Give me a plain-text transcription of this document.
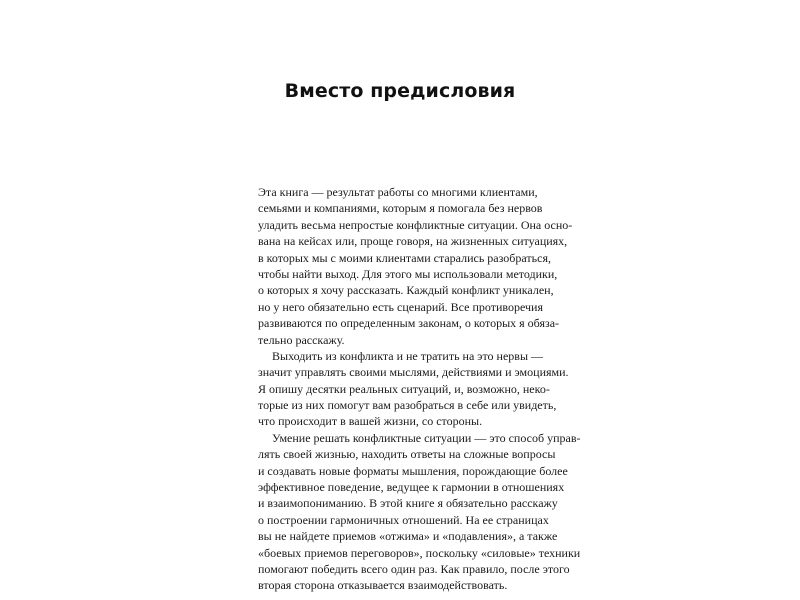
Вместо предисловия
Эта книга — результат работы со многими клиентами,
семьями и компаниями, которым я помогала без нервов
уладить весьма непростые конфликтные ситуации. Она осно-
вана на кейсах или, проще говоря, на жизненных ситуациях,
в которых мы с моими клиентами старались разобраться,
чтобы найти выход. Для этого мы использовали методики,
о которых я хочу рассказать. Каждый конфликт уникален,
но у него обязательно есть сценарий. Все противоречия
развиваются по определенным законам, о которых я обяза-
тельно расскажу.
Выходить из конфликта и не тратить на это нервы —
значит управлять своими мыслями, действиями и эмоциями.
Я опишу десятки реальных ситуаций, и, возможно, неко-
торые из них помогут вам разобраться в себе или увидеть,
что происходит в вашей жизни, со стороны.
Умение решать конфликтные ситуации — это способ управ-
лять своей жизнью, находить ответы на сложные вопросы
и создавать новые форматы мышления, порождающие более
эффективное поведение, ведущее к гармонии в отношениях
и взаимопониманию. В этой книге я обязательно расскажу
о построении гармоничных отношений. На ее страницах
вы не найдете приемов «отжима» и «подавления», а также
«боевых приемов переговоров», поскольку «силовые» техники
помогают победить всего один раз. Как правило, после этого
вторая сторона отказывается взаимодействовать.
